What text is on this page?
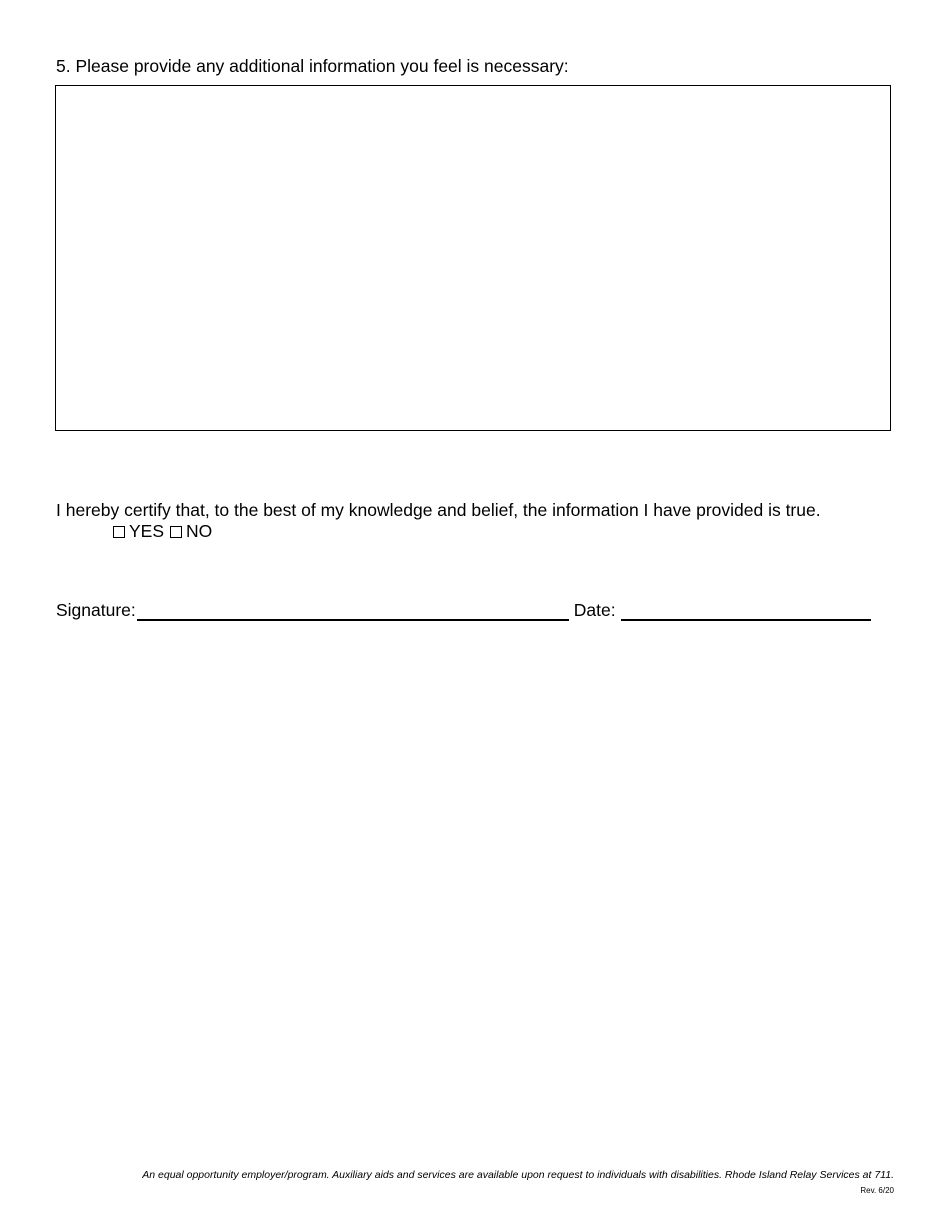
5. Please provide any additional information you feel is necessary:

I hereby certify that, to the best of my knowledge and belief, the information I have provided is true.

YES NO
Signature:	Date:

An equal opportunity employer/program. Auxiliary aids and services are available upon request to individuals with disabilities. Rhode Island Relay Services at 711.

Rev. 6/20
